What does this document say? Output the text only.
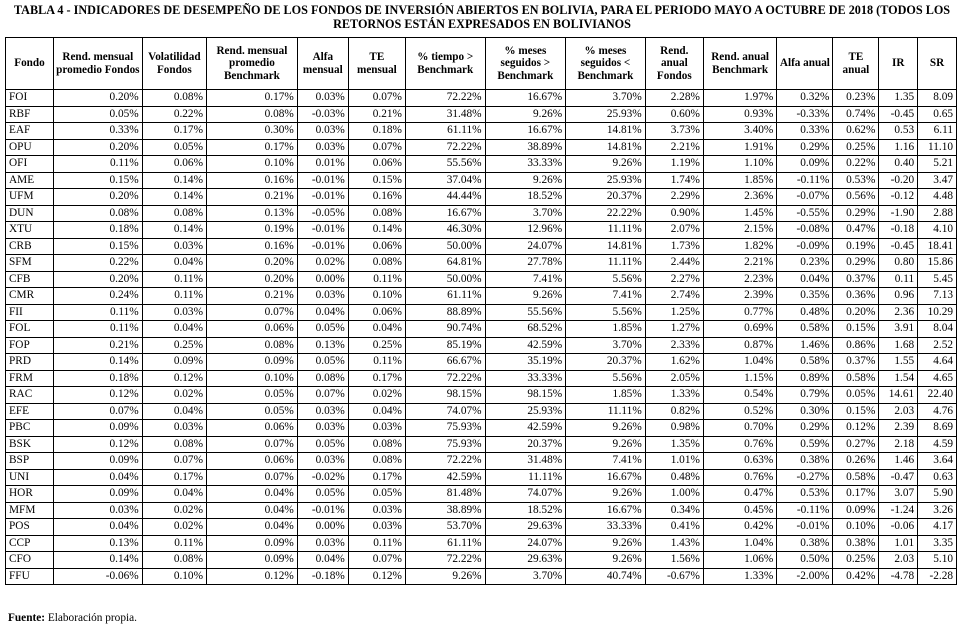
TABLA 4 - INDICADORES DE DESEMPEÑO DE LOS FONDOS DE INVERSIÓN ABIERTOS EN BOLIVIA, PARA EL PERIODO MAYO A OCTUBRE DE 2018 (TODOS LOS RETORNOS ESTÁN EXPRESADOS EN BOLIVIANOS
Fondo	Rend. mensual promedio Fondos	Volatilidad Fondos	Rend. mensual promedio Benchmark	Alfa mensual	TE mensual	% tiempo > Benchmark	% meses seguidos > Benchmark	% meses seguidos < Benchmark	Rend. anual Fondos	Rend. anual Benchmark	Alfa anual	TE anual	IR	SR
FOI	0.20%	0.08%	0.17%	0.03%	0.07%	72.22%	16.67%	3.70%	2.28%	1.97%	0.32%	0.23%	1.35	8.09
RBF	0.05%	0.22%	0.08%	-0.03%	0.21%	31.48%	9.26%	25.93%	0.60%	0.93%	-0.33%	0.74%	-0.45	0.65
EAF	0.33%	0.17%	0.30%	0.03%	0.18%	61.11%	16.67%	14.81%	3.73%	3.40%	0.33%	0.62%	0.53	6.11
OPU	0.20%	0.05%	0.17%	0.03%	0.07%	72.22%	38.89%	14.81%	2.21%	1.91%	0.29%	0.25%	1.16	11.10
OFI	0.11%	0.06%	0.10%	0.01%	0.06%	55.56%	33.33%	9.26%	1.19%	1.10%	0.09%	0.22%	0.40	5.21
AME	0.15%	0.14%	0.16%	-0.01%	0.15%	37.04%	9.26%	25.93%	1.74%	1.85%	-0.11%	0.53%	-0.20	3.47
UFM	0.20%	0.14%	0.21%	-0.01%	0.16%	44.44%	18.52%	20.37%	2.29%	2.36%	-0.07%	0.56%	-0.12	4.48
DUN	0.08%	0.08%	0.13%	-0.05%	0.08%	16.67%	3.70%	22.22%	0.90%	1.45%	-0.55%	0.29%	-1.90	2.88
XTU	0.18%	0.14%	0.19%	-0.01%	0.14%	46.30%	12.96%	11.11%	2.07%	2.15%	-0.08%	0.47%	-0.18	4.10
CRB	0.15%	0.03%	0.16%	-0.01%	0.06%	50.00%	24.07%	14.81%	1.73%	1.82%	-0.09%	0.19%	-0.45	18.41
SFM	0.22%	0.04%	0.20%	0.02%	0.08%	64.81%	27.78%	11.11%	2.44%	2.21%	0.23%	0.29%	0.80	15.86
CFB	0.20%	0.11%	0.20%	0.00%	0.11%	50.00%	7.41%	5.56%	2.27%	2.23%	0.04%	0.37%	0.11	5.45
CMR	0.24%	0.11%	0.21%	0.03%	0.10%	61.11%	9.26%	7.41%	2.74%	2.39%	0.35%	0.36%	0.96	7.13
FII	0.11%	0.03%	0.07%	0.04%	0.06%	88.89%	55.56%	5.56%	1.25%	0.77%	0.48%	0.20%	2.36	10.29
FOL	0.11%	0.04%	0.06%	0.05%	0.04%	90.74%	68.52%	1.85%	1.27%	0.69%	0.58%	0.15%	3.91	8.04
FOP	0.21%	0.25%	0.08%	0.13%	0.25%	85.19%	42.59%	3.70%	2.33%	0.87%	1.46%	0.86%	1.68	2.52
PRD	0.14%	0.09%	0.09%	0.05%	0.11%	66.67%	35.19%	20.37%	1.62%	1.04%	0.58%	0.37%	1.55	4.64
FRM	0.18%	0.12%	0.10%	0.08%	0.17%	72.22%	33.33%	5.56%	2.05%	1.15%	0.89%	0.58%	1.54	4.65
RAC	0.12%	0.02%	0.05%	0.07%	0.02%	98.15%	98.15%	1.85%	1.33%	0.54%	0.79%	0.05%	14.61	22.40
EFE	0.07%	0.04%	0.05%	0.03%	0.04%	74.07%	25.93%	11.11%	0.82%	0.52%	0.30%	0.15%	2.03	4.76
PBC	0.09%	0.03%	0.06%	0.03%	0.03%	75.93%	42.59%	9.26%	0.98%	0.70%	0.29%	0.12%	2.39	8.69
BSK	0.12%	0.08%	0.07%	0.05%	0.08%	75.93%	20.37%	9.26%	1.35%	0.76%	0.59%	0.27%	2.18	4.59
BSP	0.09%	0.07%	0.06%	0.03%	0.08%	72.22%	31.48%	7.41%	1.01%	0.63%	0.38%	0.26%	1.46	3.64
UNI	0.04%	0.17%	0.07%	-0.02%	0.17%	42.59%	11.11%	16.67%	0.48%	0.76%	-0.27%	0.58%	-0.47	0.63
HOR	0.09%	0.04%	0.04%	0.05%	0.05%	81.48%	74.07%	9.26%	1.00%	0.47%	0.53%	0.17%	3.07	5.90
MFM	0.03%	0.02%	0.04%	-0.01%	0.03%	38.89%	18.52%	16.67%	0.34%	0.45%	-0.11%	0.09%	-1.24	3.26
POS	0.04%	0.02%	0.04%	0.00%	0.03%	53.70%	29.63%	33.33%	0.41%	0.42%	-0.01%	0.10%	-0.06	4.17
CCP	0.13%	0.11%	0.09%	0.03%	0.11%	61.11%	24.07%	9.26%	1.43%	1.04%	0.38%	0.38%	1.01	3.35
CFO	0.14%	0.08%	0.09%	0.04%	0.07%	72.22%	29.63%	9.26%	1.56%	1.06%	0.50%	0.25%	2.03	5.10
FFU	-0.06%	0.10%	0.12%	-0.18%	0.12%	9.26%	3.70%	40.74%	-0.67%	1.33%	-2.00%	0.42%	-4.78	-2.28
Fuente: Elaboración propia.
